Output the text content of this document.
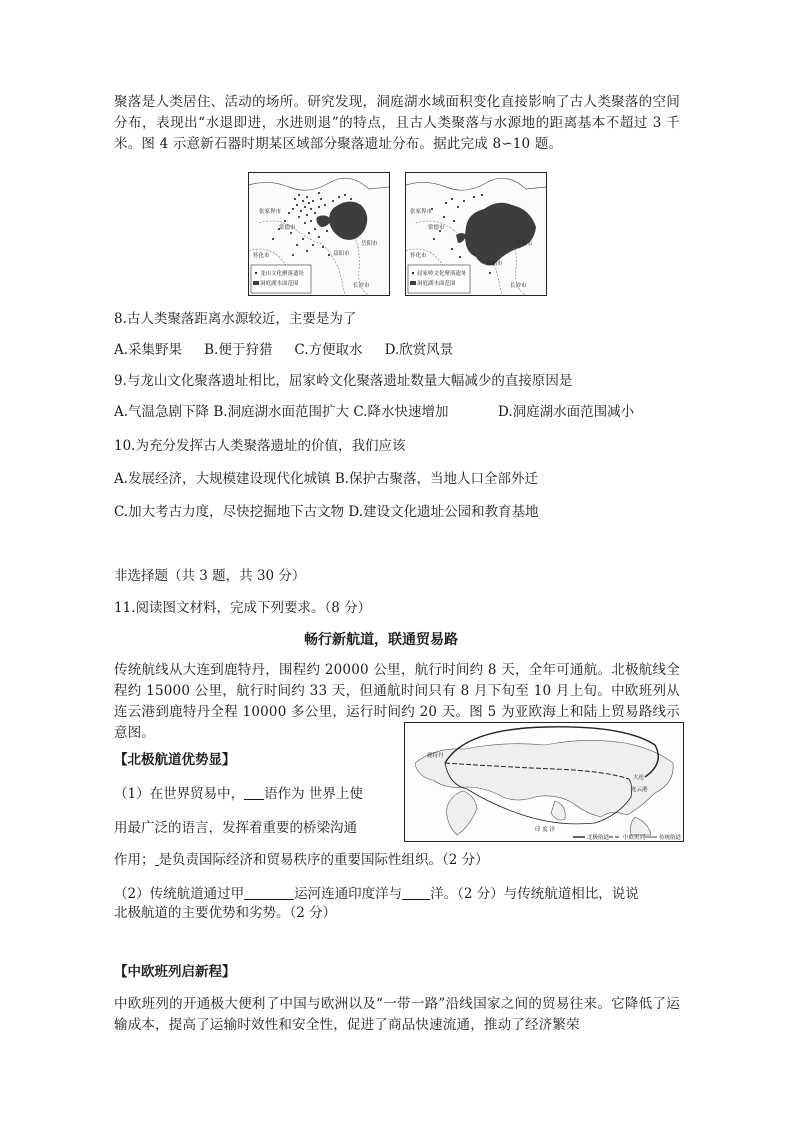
聚落是人类居住、活动的场所。研究发现，洞庭湖水域面积变化直接影响了古人类聚落的空间分布，表现出“水退即进，水进则退”的特点，且古人类聚落与水源地的距离基本不超过 3 千米。图 4 示意新石器时期某区域部分聚落遗址分布。据此完成 8∽10 题。
张家界市
常德市
怀化市	益阳市
岳阳市
长沙市
龙山文化聚落遗址
洞庭湖水面范围
张家界市
常德市
怀化市
益阳市
岳阳市
长沙市
屈家岭文化聚落遗址
洞庭湖水面范围
8.古人类聚落距离水源较近，主要是为了
A.采集野果 　 B.便于狩猎 　 C.方便取水 　 D.欣赏风景
9.与龙山文化聚落遗址相比，屈家岭文化聚落遗址数量大幅减少的直接原因是
A.气温急剧下降 B.洞庭湖水面范围扩大 C.降水快速增加	D.洞庭湖水面范围减小
10.为充分发挥古人类聚落遗址的价值，我们应该
A.发展经济，大规模建设现代化城镇 B.保护古聚落，当地人口全部外迁
C.加大考古力度，尽快挖掘地下古文物 D.建设文化遗址公园和教育基地
非选择题（共 3 题，共 30 分）
11.阅读图文材料，完成下列要求。（8 分）
畅行新航道，联通贸易路
传统航线从大连到鹿特丹，围程约 20000 公里，航行时间约 8 天，全年可通航。北极航线全程约 15000 公里，航行时间约 33 天，但通航时间只有 8 月下旬至 10 月上旬。中欧班列从连云港到鹿特丹全程 10000 多公里，运行时间约 20 天。图 5 为亚欧海上和陆上贸易路线示意图。
鹿特丹
大连
连云港
印 度 洋
北极航道	中欧班列	传统航道
【北极航道优势显】
（1）在世界贸易中， 语作为 世界上使
用最广泛的语言，发挥着重要的桥梁沟通
作用； 是负责国际经济和贸易秩序的重要国际性组织。（2 分）
（2）传统航道通过甲	运河连通印度洋与 洋。（2 分）与传统航道相比，说说
北极航道的主要优势和劣势。（2 分）
【中欧班列启新程】
中欧班列的开通极大便利了中国与欧洲以及“一带一路”沿线国家之间的贸易往来。它降低了运输成本，提高了运输时效性和安全性，促进了商品快速流通，推动了经济繁荣
